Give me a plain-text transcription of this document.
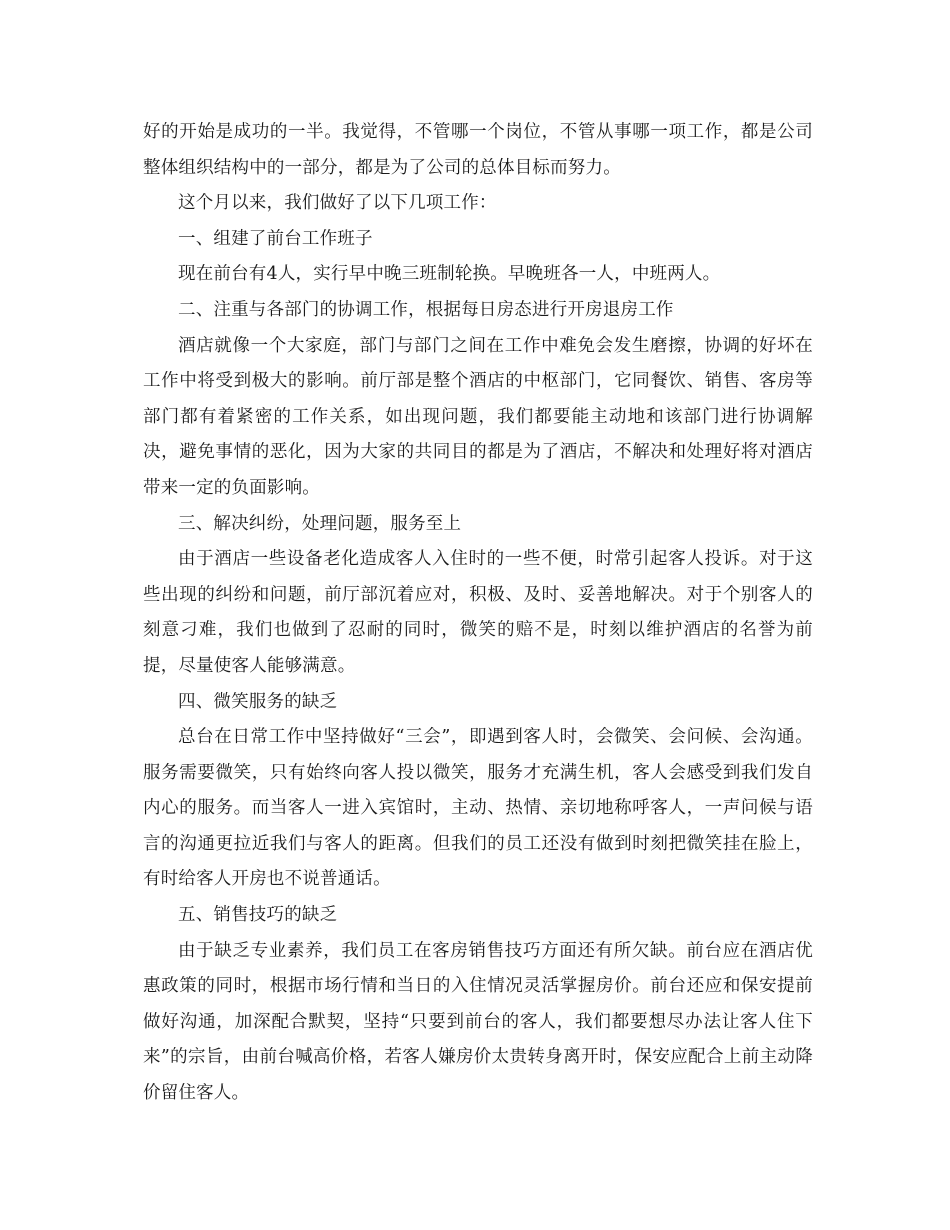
好的开始是成功的一半。我觉得，不管哪一个岗位，不管从事哪一项工作，都是公司整体组织结构中的一部分，都是为了公司的总体目标而努力。

这个月以来，我们做好了以下几项工作：

一、组建了前台工作班子

现在前台有4人，实行早中晚三班制轮换。早晚班各一人，中班两人。

二、注重与各部门的协调工作，根据每日房态进行开房退房工作

酒店就像一个大家庭，部门与部门之间在工作中难免会发生磨擦，协调的好坏在工作中将受到极大的影响。前厅部是整个酒店的中枢部门，它同餐饮、销售、客房等部门都有着紧密的工作关系，如出现问题，我们都要能主动地和该部门进行协调解决，避免事情的恶化，因为大家的共同目的都是为了酒店，不解决和处理好将对酒店带来一定的负面影响。

三、解决纠纷，处理问题，服务至上

由于酒店一些设备老化造成客人入住时的一些不便，时常引起客人投诉。对于这些出现的纠纷和问题，前厅部沉着应对，积极、及时、妥善地解决。对于个别客人的刻意刁难，我们也做到了忍耐的同时，微笑的赔不是，时刻以维护酒店的名誉为前提，尽量使客人能够满意。

四、微笑服务的缺乏

总台在日常工作中坚持做好“三会”，即遇到客人时，会微笑、会问候、会沟通。服务需要微笑，只有始终向客人投以微笑，服务才充满生机，客人会感受到我们发自内心的服务。而当客人一进入宾馆时，主动、热情、亲切地称呼客人，一声问候与语言的沟通更拉近我们与客人的距离。但我们的员工还没有做到时刻把微笑挂在脸上，有时给客人开房也不说普通话。

五、销售技巧的缺乏

由于缺乏专业素养，我们员工在客房销售技巧方面还有所欠缺。前台应在酒店优惠政策的同时，根据市场行情和当日的入住情况灵活掌握房价。前台还应和保安提前做好沟通，加深配合默契，坚持“只要到前台的客人，我们都要想尽办法让客人住下来”的宗旨，由前台喊高价格，若客人嫌房价太贵转身离开时，保安应配合上前主动降价留住客人。
